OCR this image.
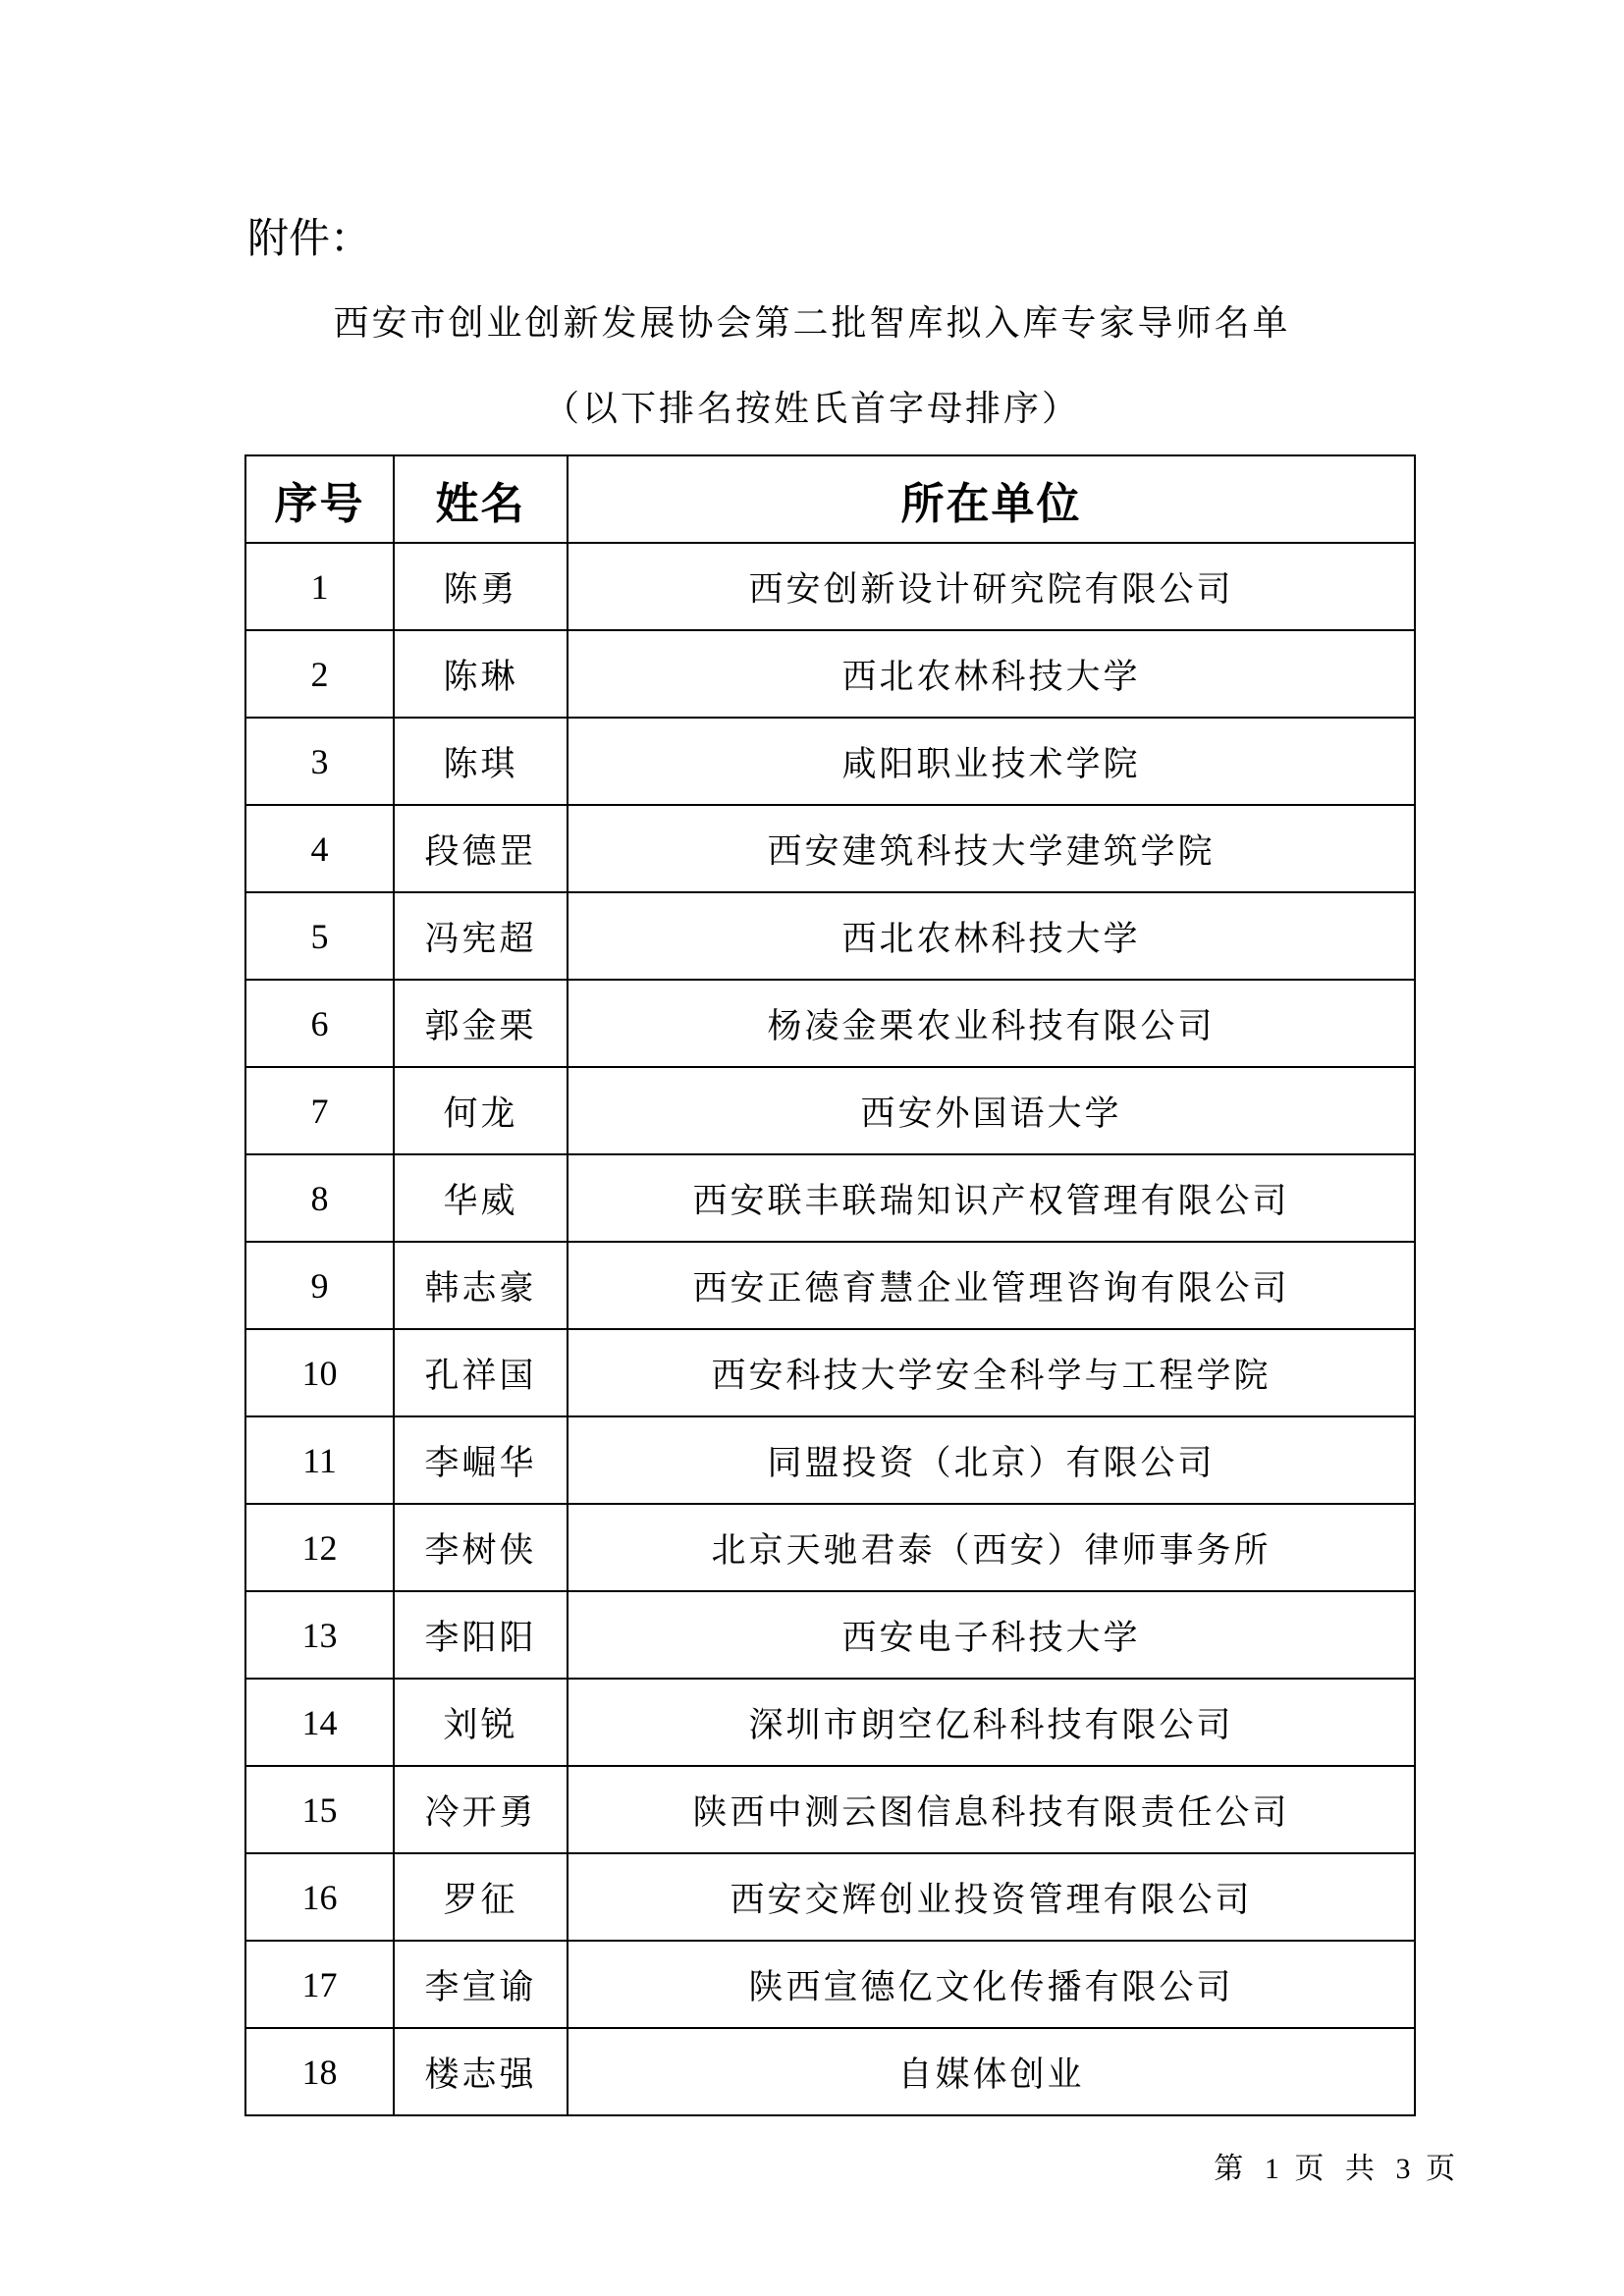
附件：
西安市创业创新发展协会第二批智库拟入库专家导师名单
（以下排名按姓氏首字母排序）
序号	姓名	所在单位
1	陈勇	西安创新设计研究院有限公司
2	陈琳	西北农林科技大学
3	陈琪	咸阳职业技术学院
4	段德罡	西安建筑科技大学建筑学院
5	冯宪超	西北农林科技大学
6	郭金栗	杨凌金栗农业科技有限公司
7	何龙	西安外国语大学
8	华威	西安联丰联瑞知识产权管理有限公司
9	韩志豪	西安正德育慧企业管理咨询有限公司
10	孔祥国	西安科技大学安全科学与工程学院
11	李崛华	同盟投资（北京）有限公司
12	李树侠	北京天驰君泰（西安）律师事务所
13	李阳阳	西安电子科技大学
14	刘锐	深圳市朗空亿科科技有限公司
15	冷开勇	陕西中测云图信息科技有限责任公司
16	罗征	西安交辉创业投资管理有限公司
17	李宣谕	陕西宣德亿文化传播有限公司
18	楼志强	自媒体创业
第 1 页 共 3 页
